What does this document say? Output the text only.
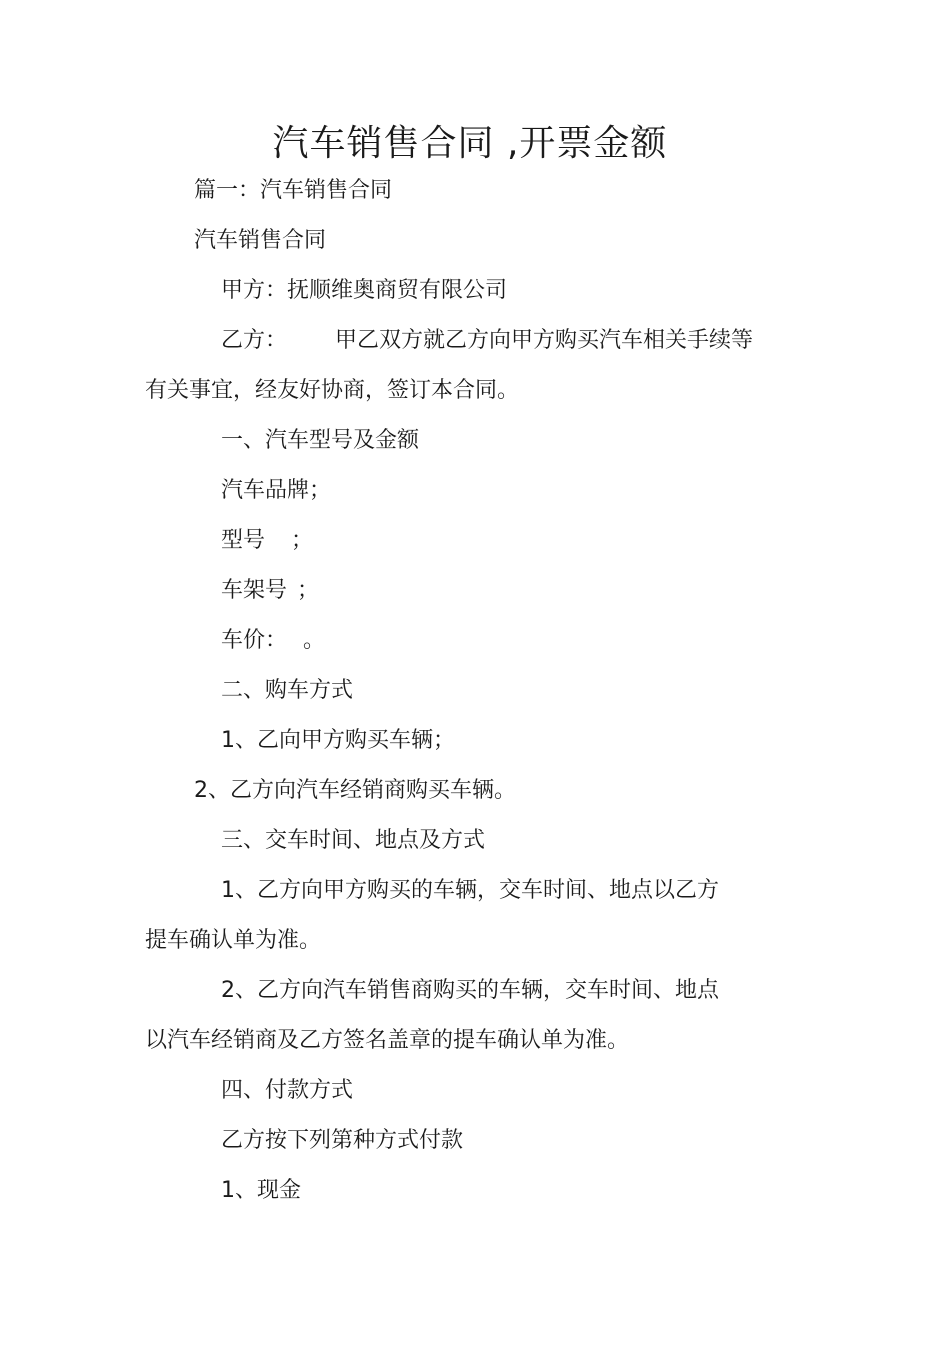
汽车销售合同 ,开票金额

篇一：汽车销售合同

汽车销售合同

甲方：抚顺维奥商贸有限公司

乙方： 甲乙双方就乙方向甲方购买汽车相关手续等

有关事宜，经友好协商，签订本合同。

一、汽车型号及金额

汽车品牌；

型号 ；

车架号 ；

车价： 。

二、购车方式

1、乙向甲方购买车辆；

2、乙方向汽车经销商购买车辆。

三、交车时间、地点及方式

1、乙方向甲方购买的车辆，交车时间、地点以乙方

提车确认单为准。

2、乙方向汽车销售商购买的车辆，交车时间、地点

以汽车经销商及乙方签名盖章的提车确认单为准。

四、付款方式

乙方按下列第种方式付款

1、现金
